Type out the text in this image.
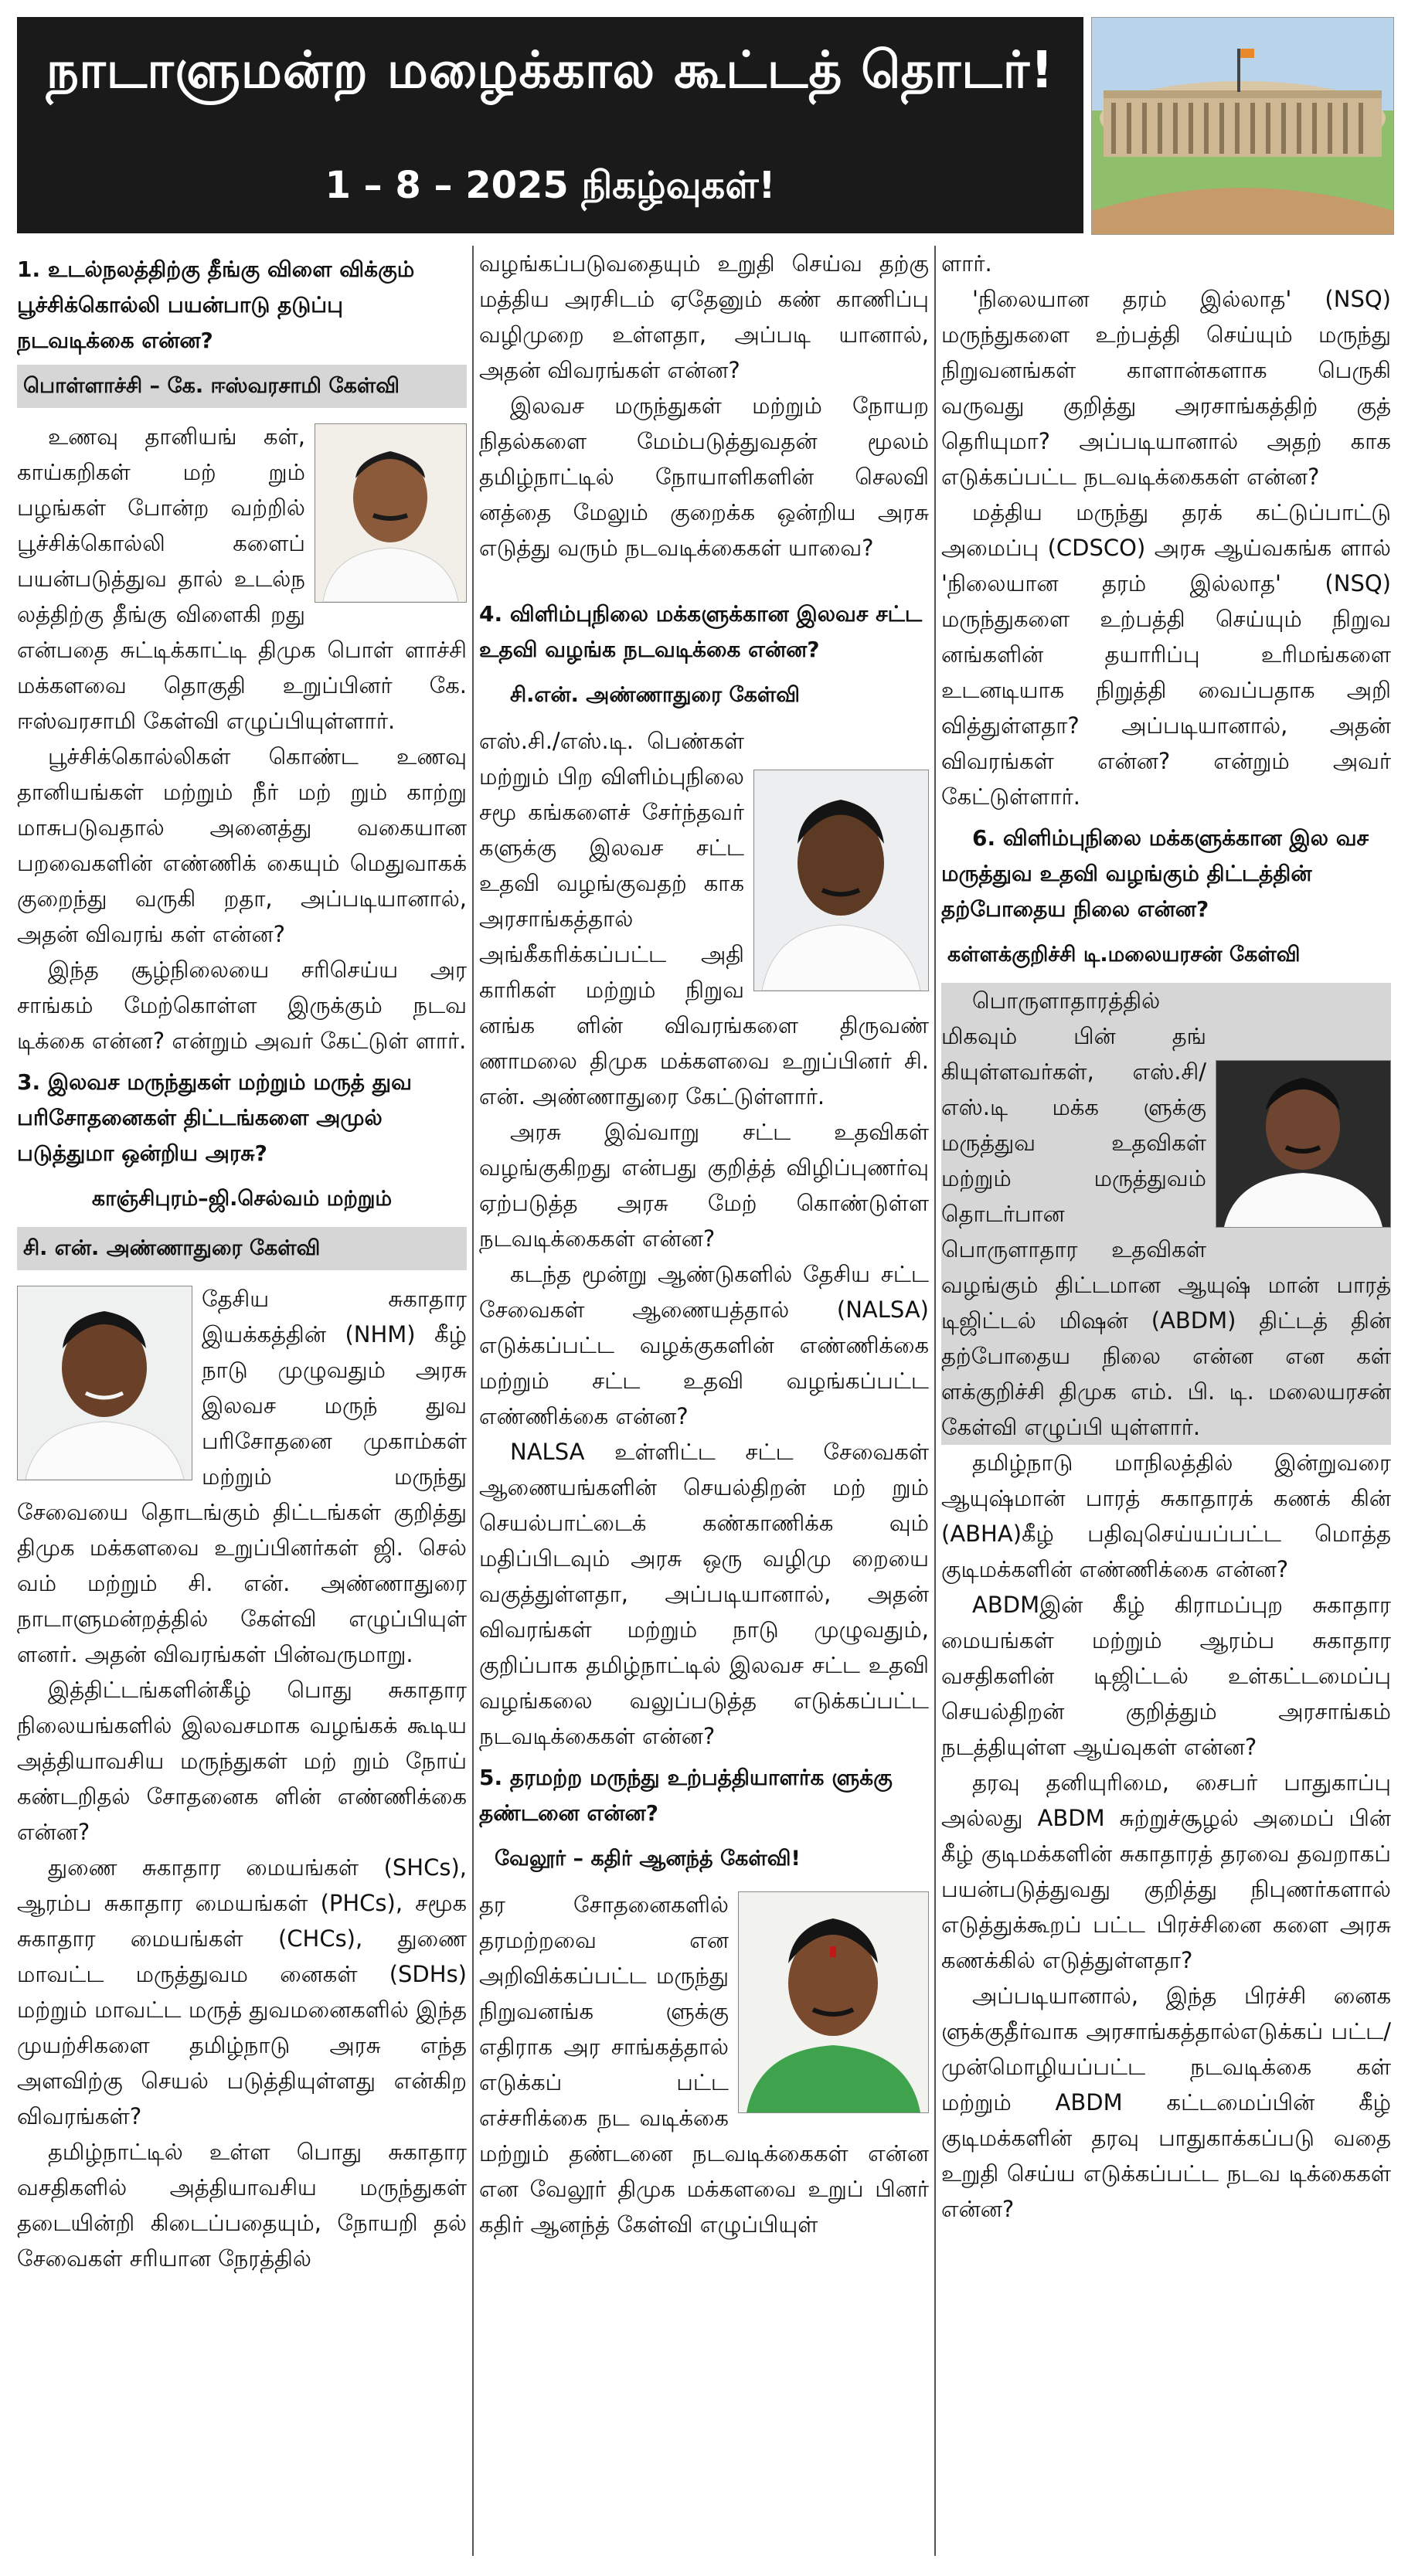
நாடாளுமன்ற மழைக்கால கூட்டத் தொடர்!
1 – 8 – 2025 நிகழ்வுகள்!

1. உடல்நலத்திற்கு தீங்கு விளை விக்கும் பூச்சிக்கொல்லி பயன்பாடு தடுப்பு நடவடிக்கை என்ன?

பொள்ளாச்சி – கே. ஈஸ்வரசாமி கேள்வி

உணவு தானியங் கள், காய்கறிகள் மற் றும் பழங்கள் போன்ற வற்றில் பூச்சிக்கொல்லி களைப் பயன்படுத்துவ தால் உடல்ந லத்திற்கு தீங்கு விளைகி றது என்பதை சுட்டிக்காட்டி திமுக பொள் ளாச்சி மக்களவை தொகுதி உறுப்பினர் கே. ஈஸ்வரசாமி கேள்வி எழுப்பியுள்ளார்.

பூச்சிக்கொல்லிகள் கொண்ட உணவு தானியங்கள் மற்றும் நீர் மற் றும் காற்று மாசுபடுவதால் அனைத்து வகையான பறவைகளின் எண்ணிக் கையும் மெதுவாகக் குறைந்து வருகி றதா, அப்படியானால், அதன் விவரங் கள் என்ன?

இந்த சூழ்நிலையை சரிசெய்ய அர சாங்கம் மேற்கொள்ள இருக்கும் நடவ டிக்கை என்ன? என்றும் அவர் கேட்டுள் ளார்.

3. இலவச மருந்துகள் மற்றும் மருத் துவ பரிசோதனைகள் திட்டங்களை அமுல் படுத்துமா ஒன்றிய அரசு?

காஞ்சிபுரம்–ஜி.செல்வம் மற்றும்
சி. என். அண்ணாதுரை கேள்வி

தேசிய சுகாதார இயக்கத்தின் (NHM) கீழ் நாடு முழுவதும் அரசு இலவச மருந் துவ பரிசோதனை முகாம்கள் மற்றும் மருந்து சேவையை தொடங்கும் திட்டங்கள் குறித்து திமுக மக்களவை உறுப்பினர்கள் ஜி. செல் வம் மற்றும் சி. என். அண்ணாதுரை நாடாளுமன்றத்தில் கேள்வி எழுப்பியுள் ளனர். அதன் விவரங்கள் பின்வருமாறு.

இத்திட்டங்களின்கீழ் பொது சுகாதார நிலையங்களில் இலவசமாக வழங்கக் கூடிய அத்தியாவசிய மருந்துகள் மற் றும் நோய் கண்டறிதல் சோதனைக ளின் எண்ணிக்கை என்ன?

துணை சுகாதார மையங்கள் (SHCs), ஆரம்ப சுகாதார மையங்கள் (PHCs), சமூக சுகாதார மையங்கள் (CHCs), துணை மாவட்ட மருத்துவம னைகள் (SDHs) மற்றும் மாவட்ட மருத் துவமனைகளில் இந்த முயற்சிகளை தமிழ்நாடு அரசு எந்த அளவிற்கு செயல் படுத்தியுள்ளது என்கிற விவரங்கள்?

தமிழ்நாட்டில் உள்ள பொது சுகாதார வசதிகளில் அத்தியாவசிய மருந்துகள் தடையின்றி கிடைப்பதையும், நோயறி தல் சேவைகள் சரியான நேரத்தில்

வழங்கப்படுவதையும் உறுதி செய்வ தற்கு மத்திய அரசிடம் ஏதேனும் கண் காணிப்பு வழிமுறை உள்ளதா, அப்படி யானால், அதன் விவரங்கள் என்ன?

இலவச மருந்துகள் மற்றும் நோயற நிதல்களை மேம்படுத்துவதன் மூலம் தமிழ்நாட்டில் நோயாளிகளின் செலவி னத்தை மேலும் குறைக்க ஒன்றிய அரசு எடுத்து வரும் நடவடிக்கைகள் யாவை?

4. விளிம்புநிலை மக்களுக்கான இலவச சட்ட உதவி வழங்க நடவடிக்கை என்ன?

சி.என். அண்ணாதுரை கேள்வி

எஸ்.சி./எஸ்.டி. பெண்கள் மற்றும் பிற விளிம்புநிலை சமூ கங்களைச் சேர்ந்தவர் களுக்கு இலவச சட்ட உதவி வழங்குவதற் காக அரசாங்கத்தால் அங்கீகரிக்கப்பட்ட அதி காரிகள் மற்றும் நிறுவ னங்க ளின் விவரங்களை திருவண் ணாமலை திமுக மக்களவை உறுப்பினர் சி. என். அண்ணாதுரை கேட்டுள்ளார்.

அரசு இவ்வாறு சட்ட உதவிகள் வழங்குகிறது என்பது குறித்த் விழிப்புணர்வு ஏற்படுத்த அரசு மேற் கொண்டுள்ள நடவடிக்கைகள் என்ன?

கடந்த மூன்று ஆண்டுகளில் தேசிய சட்ட சேவைகள் ஆணையத்தால் (NALSA) எடுக்கப்பட்ட வழக்குகளின் எண்ணிக்கை மற்றும் சட்ட உதவி வழங்கப்பட்ட எண்ணிக்கை என்ன?

NALSA உள்ளிட்ட சட்ட சேவைகள் ஆணையங்களின் செயல்திறன் மற் றும் செயல்பாட்டைக் கண்காணிக்க வும் மதிப்பிடவும் அரசு ஒரு வழிமு றையை வகுத்துள்ளதா, அப்படியானால், அதன் விவரங்கள் மற்றும் நாடு முழுவதும், குறிப்பாக தமிழ்நாட்டில் இலவச சட்ட உதவி வழங்கலை வலுப்படுத்த எடுக்கப்பட்ட நடவடிக்கைகள் என்ன?

5. தரமற்ற மருந்து உற்பத்தியாளர்க ளுக்கு தண்டனை என்ன?

வேலூர் – கதிர் ஆனந்த் கேள்வி!

தர சோதனைகளில் தரமற்றவை என அறிவிக்கப்பட்ட மருந்து நிறுவனங்க ளுக்கு எதிராக அர சாங்கத்தால் எடுக்கப் பட்ட எச்சரிக்கை நட வடிக்கை மற்றும் தண்டனை நடவடிக்கைகள் என்ன என வேலூர் திமுக மக்களவை உறுப் பினர் கதிர் ஆனந்த் கேள்வி எழுப்பியுள்

ளார்.

'நிலையான தரம் இல்லாத' (NSQ) மருந்துகளை உற்பத்தி செய்யும் மருந்து நிறுவனங்கள் காளான்களாக பெருகி வருவது குறித்து அரசாங்கத்திற் குத் தெரியுமா? அப்படியானால் அதற் காக எடுக்கப்பட்ட நடவடிக்கைகள் என்ன?

மத்திய மருந்து தரக் கட்டுப்பாட்டு அமைப்பு (CDSCO) அரசு ஆய்வகங்க ளால் 'நிலையான தரம் இல்லாத' (NSQ) மருந்துகளை உற்பத்தி செய்யும் நிறுவ னங்களின் தயாரிப்பு உரிமங்களை உடனடியாக நிறுத்தி வைப்பதாக அறி வித்துள்ளதா? அப்படியானால், அதன் விவரங்கள் என்ன? என்றும் அவர் கேட்டுள்ளார்.

6. விளிம்புநிலை மக்களுக்கான இல வச மருத்துவ உதவி வழங்கும் திட்டத்தின் தற்போதைய நிலை என்ன?

கள்ளக்குறிச்சி டி.மலையரசன் கேள்வி

பொருளாதாரத்தில் மிகவும் பின் தங் கியுள்ளவர்கள், எஸ்.சி/எஸ்.டி மக்க ளுக்கு மருத்துவ உதவிகள் மற்றும் மருத்துவம் தொடர்பான பொருளாதார உதவிகள் வழங்கும் திட்டமான ஆயுஷ் மான் பாரத் டிஜிட்டல் மிஷன் (ABDM) திட்டத் தின் தற்போதைய நிலை என்ன என கள் ளக்குறிச்சி திமுக எம். பி. டி. மலையரசன் கேள்வி எழுப்பி யுள்ளார்.

தமிழ்நாடு மாநிலத்தில் இன்றுவரை ஆயுஷ்மான் பாரத் சுகாதாரக் கணக் கின் (ABHA)கீழ் பதிவுசெய்யப்பட்ட மொத்த குடிமக்களின் எண்ணிக்கை என்ன?

ABDMஇன் கீழ் கிராமப்புற சுகாதார மையங்கள் மற்றும் ஆரம்ப சுகாதார வசதிகளின் டிஜிட்டல் உள்கட்டமைப்பு செயல்திறன் குறித்தும் அரசாங்கம் நடத்தியுள்ள ஆய்வுகள் என்ன?

தரவு தனியுரிமை, சைபர் பாதுகாப்பு அல்லது ABDM சுற்றுச்சூழல் அமைப் பின் கீழ் குடிமக்களின் சுகாதாரத் தரவை தவறாகப் பயன்படுத்துவது குறித்து நிபுணர்களால் எடுத்துக்கூறப் பட்ட பிரச்சினை களை அரசு கணக்கில் எடுத்துள்ளதா?

அப்படியானால், இந்த பிரச்சி னைக ளுக்குதீர்வாக அரசாங்கத்தால்எடுக்கப் பட்ட/முன்மொழியப்பட்ட நடவடிக்கை கள் மற்றும் ABDM கட்டமைப்பின் கீழ் குடிமக்களின் தரவு பாதுகாக்கப்படு வதை உறுதி செய்ய எடுக்கப்பட்ட நடவ டிக்கைகள் என்ன?
